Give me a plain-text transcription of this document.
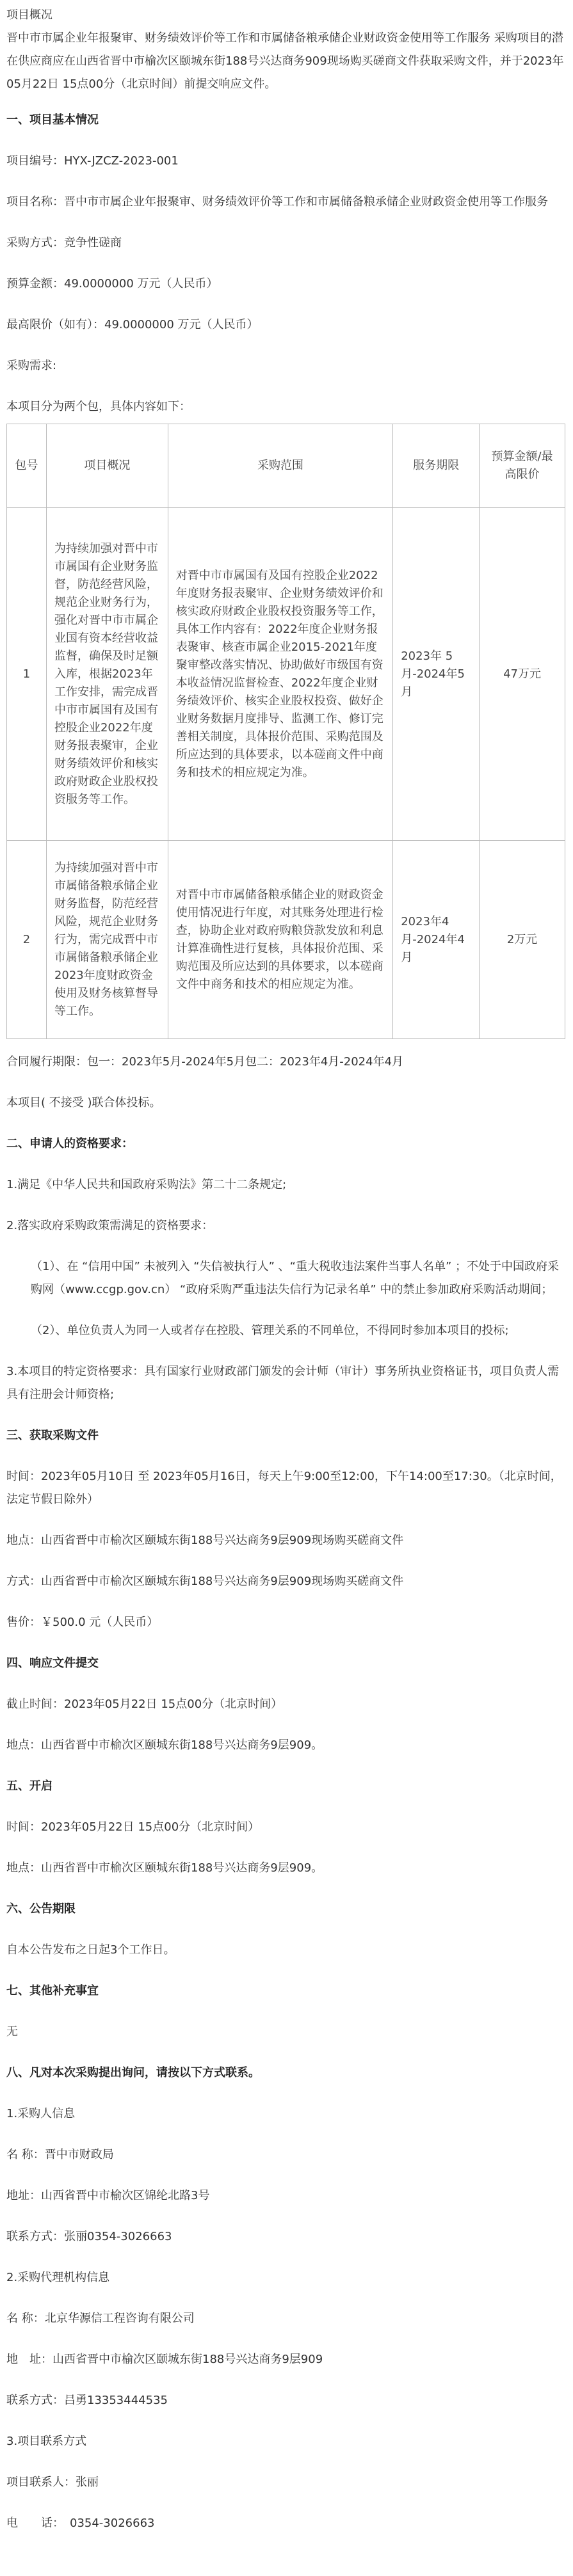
项目概况

晋中市市属企业年报聚审、财务绩效评价等工作和市属储备粮承储企业财政资金使用等工作服务 采购项目的潜在供应商应在山西省晋中市榆次区颐城东街188号兴达商务909现场购买磋商文件获取采购文件，并于2023年05月22日 15点00分（北京时间）前提交响应文件。

一、项目基本情况

项目编号：HYX-JZCZ-2023-001

项目名称：晋中市市属企业年报聚审、财务绩效评价等工作和市属储备粮承储企业财政资金使用等工作服务

采购方式：竞争性磋商

预算金额：49.0000000 万元（人民币）

最高限价（如有）：49.0000000 万元（人民币）

采购需求:

本项目分为两个包，具体内容如下：

包号	项目概况	采购范围	服务期限	预算金额/最高限价
1	为持续加强对晋中市市属国有企业财务监督，防范经营风险，规范企业财务行为，强化对晋中市市属企业国有资本经营收益监督，确保及时足额入库，根据2023年工作安排，需完成晋中市市属国有及国有控股企业2022年度财务报表聚审，企业财务绩效评价和核实政府财政企业股权投资服务等工作。	对晋中市市属国有及国有控股企业2022年度财务报表聚审、企业财务绩效评价和核实政府财政企业股权投资服务等工作，具体工作内容有：2022年度企业财务报表聚审、核查市属企业2015-2021年度聚审整改落实情况、协助做好市级国有资本收益情况监督检查、2022年度企业财务绩效评价、核实企业股权投资、做好企业财务数据月度排导、监测工作、修订完善相关制度，具体报价范围、采购范围及所应达到的具体要求，以本磋商文件中商务和技术的相应规定为准。	2023年 5月-2024年5月	47万元
2	为持续加强对晋中市市属储备粮承储企业财务监督，防范经营风险，规范企业财务行为，需完成晋中市市属储备粮承储企业2023年度财政资金使用及财务核算督导等工作。	对晋中市市属储备粮承储企业的财政资金使用情况进行年度，对其账务处理进行检查，协助企业对政府购粮贷款发放和利息计算准确性进行复核，具体报价范围、采购范围及所应达到的具体要求，以本磋商文件中商务和技术的相应规定为准。	2023年4月-2024年4月	2万元

合同履行期限：包一：2023年5月-2024年5月包二：2023年4月-2024年4月

本项目( 不接受 )联合体投标。

二、申请人的资格要求：

1.满足《中华人民共和国政府采购法》第二十二条规定;

2.落实政府采购政策需满足的资格要求：

（1）、在 “信用中国” 未被列入 “失信被执行人” 、“重大税收违法案件当事人名单” ；不处于中国政府采购网（www.ccgp.gov.cn） “政府采购严重违法失信行为记录名单” 中的禁止参加政府采购活动期间；

（2）、单位负责人为同一人或者存在控股、管理关系的不同单位，不得同时参加本项目的投标;

3.本项目的特定资格要求：具有国家行业财政部门颁发的会计师（审计）事务所执业资格证书，项目负责人需具有注册会计师资格;

三、获取采购文件

时间：2023年05月10日 至 2023年05月16日，每天上午9:00至12:00，下午14:00至17:30。（北京时间，法定节假日除外）

地点：山西省晋中市榆次区颐城东街188号兴达商务9层909现场购买磋商文件

方式：山西省晋中市榆次区颐城东街188号兴达商务9层909现场购买磋商文件

售价：￥500.0 元（人民币）

四、响应文件提交

截止时间：2023年05月22日 15点00分（北京时间）

地点：山西省晋中市榆次区颐城东街188号兴达商务9层909。

五、开启

时间：2023年05月22日 15点00分（北京时间）

地点：山西省晋中市榆次区颐城东街188号兴达商务9层909。

六、公告期限

自本公告发布之日起3个工作日。

七、其他补充事宜

无

八、凡对本次采购提出询问，请按以下方式联系。

1.采购人信息

名 称：晋中市财政局

地址：山西省晋中市榆次区锦纶北路3号

联系方式：张丽0354-3026663

2.采购代理机构信息

名 称：北京华源信工程咨询有限公司

地　址：山西省晋中市榆次区颐城东街188号兴达商务9层909

联系方式：吕勇13353444535

3.项目联系方式

项目联系人：张丽

电　　话：　0354-3026663
